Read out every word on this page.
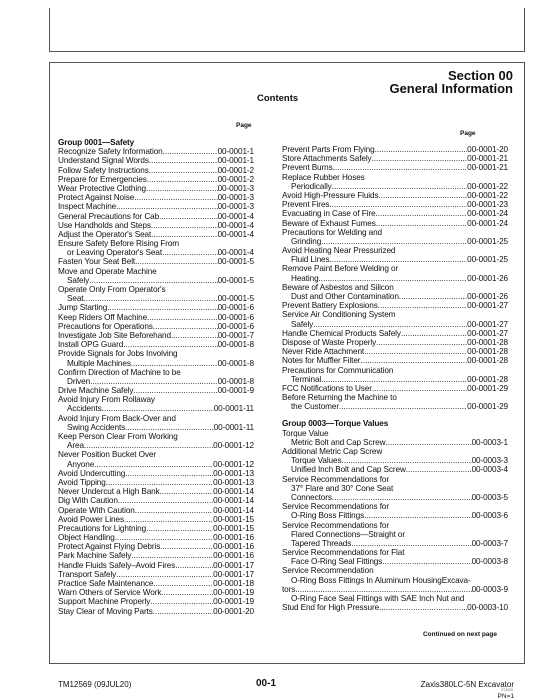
Section 00
General Information
Contents
Page
Page
Group 0001—Safety
Recognize Safety Information .....	00-0001-1
Understand Signal Words .....	00-0001-1
Follow Safety Instructions .....	00-0001-2
Prepare for Emergencies .....	00-0001-2
Wear Protective Clothing .....	00-0001-3
Protect Against Noise .....	00-0001-3
Inspect Machine .....	00-0001-3
General Precautions for Cab .....	00-0001-4
Use Handholds and Steps .....	00-0001-4
Adjust the Operator's Seat .....	00-0001-4
Ensure Safety Before Rising From
or Leaving Operator's Seat .....	00-0001-4
Fasten Your Seat Belt .....	00-0001-5
Move and Operate Machine
Safely .....	00-0001-5
Operate Only From Operator's
Seat .....	00-0001-5
Jump Starting .....	00-0001-6
Keep Riders Off Machine .....	00-0001-6
Precautions for Operations .....	00-0001-6
Investigate Job Site Beforehand .....	00-0001-7
Install OPG Guard .....	00-0001-8
Provide Signals for Jobs Involving
Multiple Machines .....	00-0001-8
Confirm Direction of Machine to be
Driven .....	00-0001-8
Drive Machine Safely .....	00-0001-9
Avoid Injury From Rollaway
Accidents .....	00-0001-11
Avoid Injury From Back-Over and
Swing Accidents .....	00-0001-11
Keep Person Clear From Working
Area .....	00-0001-12
Never Position Bucket Over
Anyone .....	00-0001-12
Avoid Undercutting .....	00-0001-13
Avoid Tipping .....	00-0001-13
Never Undercut a High Bank .....	00-0001-14
Dig With Caution .....	00-0001-14
Operate With Caution .....	00-0001-14
Avoid Power Lines .....	00-0001-15
Precautions for Lightning .....	00-0001-15
Object Handling .....	00-0001-16
Protect Against Flying Debris .....	00-0001-16
Park Machine Safely .....	00-0001-16
Handle Fluids Safely–Avoid Fires .....	00-0001-17
Transport Safely .....	00-0001-17
Practice Safe Maintenance .....	00-0001-18
Warn Others of Service Work .....	00-0001-19
Support Machine Properly .....	00-0001-19
Stay Clear of Moving Parts .....	00-0001-20
Prevent Parts From Flying .....	00-0001-20
Store Attachments Safely .....	00-0001-21
Prevent Burns .....	00-0001-21
Replace Rubber Hoses
Periodically .....	00-0001-22
Avoid High-Pressure Fluids .....	00-0001-22
Prevent Fires .....	00-0001-23
Evacuating in Case of Fire .....	00-0001-24
Beware of Exhaust Fumes .....	00-0001-24
Precautions for Welding and
Grinding .....	00-0001-25
Avoid Heating Near Pressurized
Fluid Lines .....	00-0001-25
Remove Paint Before Welding or
Heating .....	00-0001-26
Beware of Asbestos and Silicon
Dust and Other Contamination .....	00-0001-26
Prevent Battery Explosions .....	00-0001-27
Service Air Conditioning System
Safely .....	00-0001-27
Handle Chemical Products Safely .....	00-0001-27
Dispose of Waste Properly .....	00-0001-28
Never Ride Attachment .....	00-0001-28
Notes for Muffler Filter .....	00-0001-28
Precautions for Communication
Terminal .....	00-0001-28
FCC Notifications to User .....	00-0001-29
Before Returning the Machine to
the Customer .....	00-0001-29
Group 0003—Torque Values
Torque Value
Metric Bolt and Cap Screw .....	00-0003-1
Additional Metric Cap Screw
Torque Values .....	00-0003-3
Unified Inch Bolt and Cap Screw .....	00-0003-4
Service Recommendations for
37° Flare and 30° Cone Seat
Connectors .....	00-0003-5
Service Recommendations for
O-Ring Boss Fittings .....	00-0003-6
Service Recommendations for
Flared Connections—Straight or
Tapered Threads .....	00-0003-7
Service Recommendations for Flat
Face O-Ring Seal Fittings .....	00-0003-8
Service Recommendation
O-Ring Boss Fittings In Aluminum HousingExcava-
tors .....	00-0003-9
O-Ring Face Seal Fittings with SAE Inch Nut and
Stud End for High Pressure .....	00-0003-10
Continued on next page
TM12569 (09JUL20)	00-1	Zaxis380LC-5N Excavator
072020
PN=1
